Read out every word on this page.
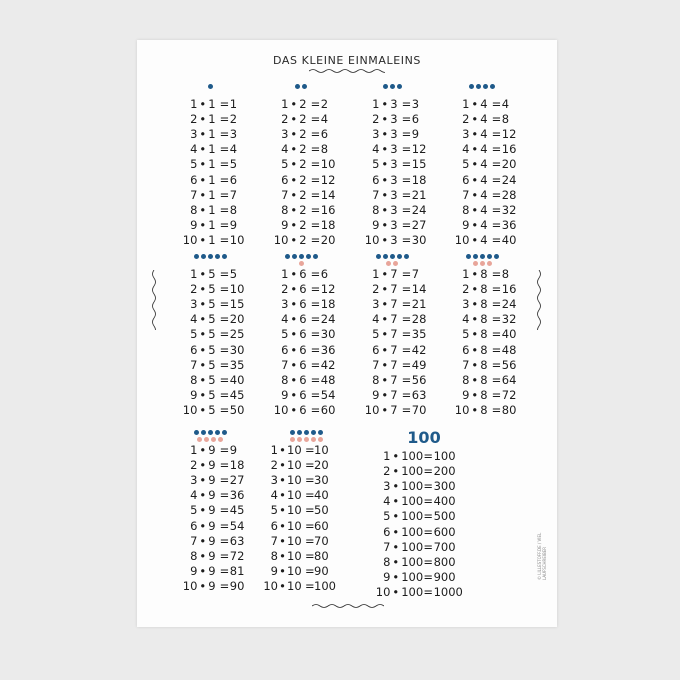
DAS KLEINE EINMALEINS
© LILLESTOFF.DE / VIEL LAUFSCHREIBER
1 • 1 = 1
2 • 1 = 2
3 • 1 = 3
4 • 1 = 4
5 • 1 = 5
6 • 1 = 6
7 • 1 = 7
8 • 1 = 8
9 • 1 = 9
10 • 1 = 10
1 • 2 = 2
2 • 2 = 4
3 • 2 = 6
4 • 2 = 8
5 • 2 = 10
6 • 2 = 12
7 • 2 = 14
8 • 2 = 16
9 • 2 = 18
10 • 2 = 20
1 • 3 = 3
2 • 3 = 6
3 • 3 = 9
4 • 3 = 12
5 • 3 = 15
6 • 3 = 18
7 • 3 = 21
8 • 3 = 24
9 • 3 = 27
10 • 3 = 30
1 • 4 = 4
2 • 4 = 8
3 • 4 = 12
4 • 4 = 16
5 • 4 = 20
6 • 4 = 24
7 • 4 = 28
8 • 4 = 32
9 • 4 = 36
10 • 4 = 40
1 • 5 = 5
2 • 5 = 10
3 • 5 = 15
4 • 5 = 20
5 • 5 = 25
6 • 5 = 30
7 • 5 = 35
8 • 5 = 40
9 • 5 = 45
10 • 5 = 50
1 • 6 = 6
2 • 6 = 12
3 • 6 = 18
4 • 6 = 24
5 • 6 = 30
6 • 6 = 36
7 • 6 = 42
8 • 6 = 48
9 • 6 = 54
10 • 6 = 60
1 • 7 = 7
2 • 7 = 14
3 • 7 = 21
4 • 7 = 28
5 • 7 = 35
6 • 7 = 42
7 • 7 = 49
8 • 7 = 56
9 • 7 = 63
10 • 7 = 70
1 • 8 = 8
2 • 8 = 16
3 • 8 = 24
4 • 8 = 32
5 • 8 = 40
6 • 8 = 48
7 • 8 = 56
8 • 8 = 64
9 • 8 = 72
10 • 8 = 80
1 • 9 = 9
2 • 9 = 18
3 • 9 = 27
4 • 9 = 36
5 • 9 = 45
6 • 9 = 54
7 • 9 = 63
8 • 9 = 72
9 • 9 = 81
10 • 9 = 90
1 • 10 = 10
2 • 10 = 20
3 • 10 = 30
4 • 10 = 40
5 • 10 = 50
6 • 10 = 60
7 • 10 = 70
8 • 10 = 80
9 • 10 = 90
10 • 10 = 100
100
1 • 100 = 100
2 • 100 = 200
3 • 100 = 300
4 • 100 = 400
5 • 100 = 500
6 • 100 = 600
7 • 100 = 700
8 • 100 = 800
9 • 100 = 900
10 • 100 = 1000
